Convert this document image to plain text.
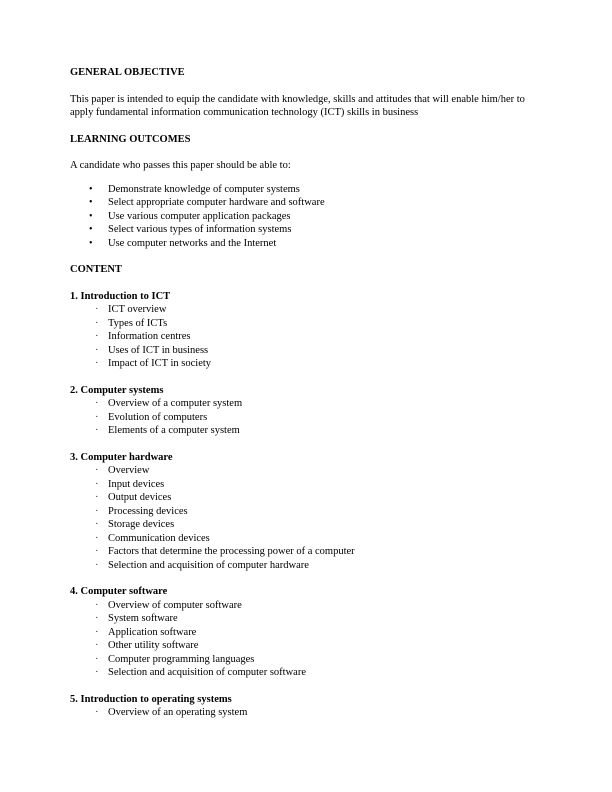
GENERAL OBJECTIVE

This paper is intended to equip the candidate with knowledge, skills and attitudes that will enable him/her to apply fundamental information communication technology (ICT) skills in business

LEARNING OUTCOMES

A candidate who passes this paper should be able to:

• Demonstrate knowledge of computer systems
• Select appropriate computer hardware and software
• Use various computer application packages
• Select various types of information systems
• Use computer networks and the Internet

CONTENT

1. Introduction to ICT

· ICT overview
· Types of ICTs
· Information centres
· Uses of ICT in business
· Impact of ICT in society

2. Computer systems

· Overview of a computer system
· Evolution of computers
· Elements of a computer system

3. Computer hardware

· Overview
· Input devices
· Output devices
· Processing devices
· Storage devices
· Communication devices
· Factors that determine the processing power of a computer
· Selection and acquisition of computer hardware

4. Computer software

· Overview of computer software
· System software
· Application software
· Other utility software
· Computer programming languages
· Selection and acquisition of computer software

5. Introduction to operating systems

· Overview of an operating system
